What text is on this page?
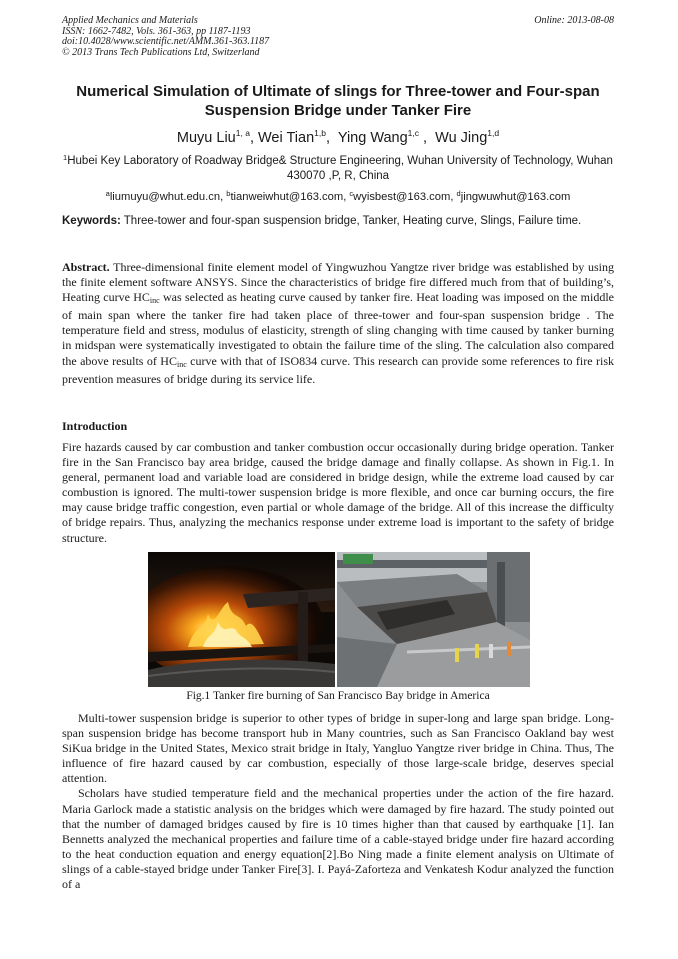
Applied Mechanics and Materials
ISSN: 1662-7482, Vols. 361-363, pp 1187-1193
doi:10.4028/www.scientific.net/AMM.361-363.1187
© 2013 Trans Tech Publications Ltd, Switzerland
Online: 2013-08-08
Numerical Simulation of Ultimate of slings for Three-tower and Four-span Suspension Bridge under Tanker Fire
Muyu Liu$^{1, a}$, Wei Tian$^{1,b}$,  Ying Wang$^{1,c}$ ,  Wu Jing$^{1,d}$
$^1$Hubei Key Laboratory of Roadway Bridge& Structure Engineering, Wuhan University of Technology, Wuhan 430070 ,P, R, China
$^a$liumuyu@whut.edu.cn, $^b$tianweiwhut@163.com, $^c$wyisbest@163.com, $^d$jingwuwhut@163.com
Keywords: Three-tower and four-span suspension bridge, Tanker, Heating curve, Slings, Failure time.
Abstract. Three-dimensional finite element model of Yingwuzhou Yangtze river bridge was established by using the finite element software ANSYS. Since the characteristics of bridge fire differed much from that of building’s, Heating curve $HC_{inc}$ was selected as heating curve caused by tanker fire. Heat loading was imposed on the middle of main span where the tanker fire had taken place of three-tower and four-span suspension bridge . The temperature field and stress, modulus of elasticity, strength of sling changing with time caused by tanker burning in midspan were systematically investigated to obtain the failure time of the sling. The calculation also compared the above results of $HC_{inc}$ curve with that of ISO834 curve. This research can provide some references to fire risk prevention measures of bridge during its service life.
Introduction
Fire hazards caused by car combustion and tanker combustion occur occasionally during bridge operation. Tanker fire in the San Francisco bay area bridge, caused the bridge damage and finally collapse. As shown in Fig.1. In general, permanent load and variable load are considered in bridge design, while the extreme load caused by car combustion is ignored. The multi-tower suspension bridge is more flexible, and once car burning occurs, the fire may cause bridge traffic congestion, even partial or whole damage of the bridge. All of this increase the difficulty of bridge repairs. Thus, analyzing the mechanics response under extreme load is important to the safety of bridge structure.
Fig.1 Tanker fire burning of San Francisco Bay bridge in America

Multi-tower suspension bridge is superior to other types of bridge in super-long and large span bridge. Long-span suspension bridge has become transport hub in Many countries, such as San Francisco Oakland bay west SiKua bridge in the United States, Mexico strait bridge in Italy, Yangluo Yangtze river bridge in China. Thus, The influence of fire hazard caused by car combustion, especially of those large-scale bridge, deserves special attention.

Scholars have studied temperature field and the mechanical properties under the action of the fire hazard. Maria Garlock made a statistic analysis on the bridges which were damaged by fire hazard. The study pointed out that the number of damaged bridges caused by fire is 10 times higher than that caused by earthquake [1]. Ian Bennetts analyzed the mechanical properties and failure time of a cable-stayed bridge under fire hazard according to the heat conduction equation and energy equation[2].Bo Ning made a finite element analysis on Ultimate of slings of a cable-stayed bridge under Tanker Fire[3]. I. Payá-Zaforteza and Venkatesh Kodur analyzed the function of a
